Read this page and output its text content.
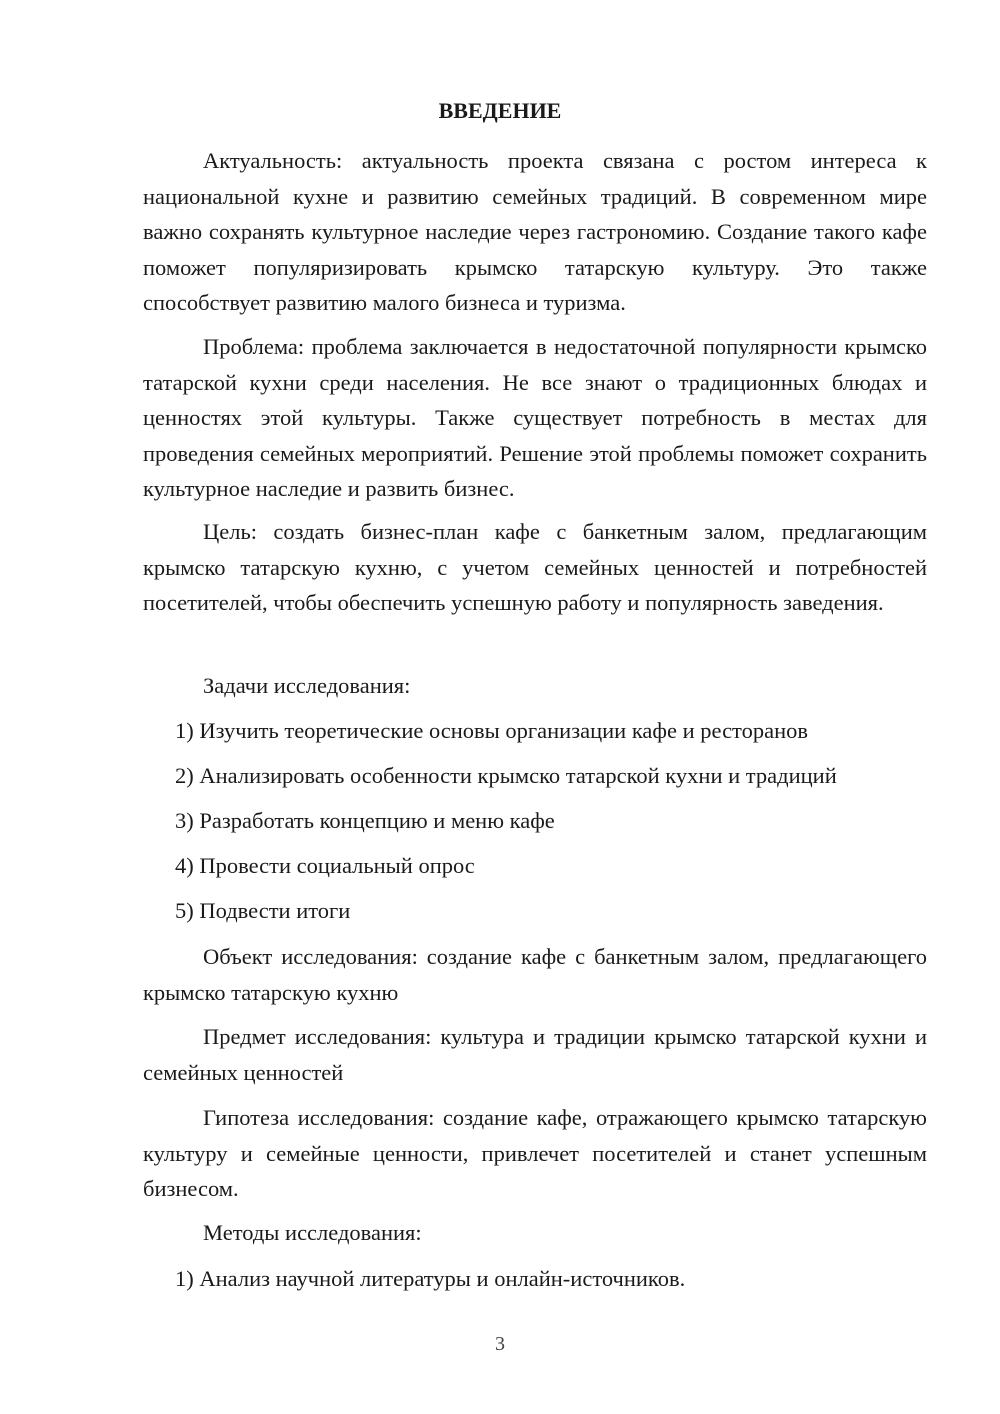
ВВЕДЕНИЕ

Актуальность: актуальность проекта связана с ростом интереса к национальной кухне и развитию семейных традиций. В современном мире важно сохранять культурное наследие через гастрономию. Создание такого кафе поможет популяризировать крымско татарскую культуру. Это также способствует развитию малого бизнеса и туризма.

Проблема: проблема заключается в недостаточной популярности крымско татарской кухни среди населения. Не все знают о традиционных блюдах и ценностях этой культуры. Также существует потребность в местах для проведения семейных мероприятий. Решение этой проблемы поможет сохранить культурное наследие и развить бизнес.

Цель: создать бизнес-план кафе с банкетным залом, предлагающим крымско татарскую кухню, с учетом семейных ценностей и потребностей посетителей, чтобы обеспечить успешную работу и популярность заведения.

Задачи исследования:

1) Изучить теоретические основы организации кафе и ресторанов

2) Анализировать особенности крымско татарской кухни и традиций

3) Разработать концепцию и меню кафе

4) Провести социальный опрос

5) Подвести итоги

Объект исследования: создание кафе с банкетным залом, предлагающего крымско татарскую кухню

Предмет исследования: культура и традиции крымско татарской кухни и семейных ценностей

Гипотеза исследования: создание кафе, отражающего крымско татарскую культуру и семейные ценности, привлечет посетителей и станет успешным бизнесом.

Методы исследования:

1) Анализ научной литературы и онлайн-источников.

3
